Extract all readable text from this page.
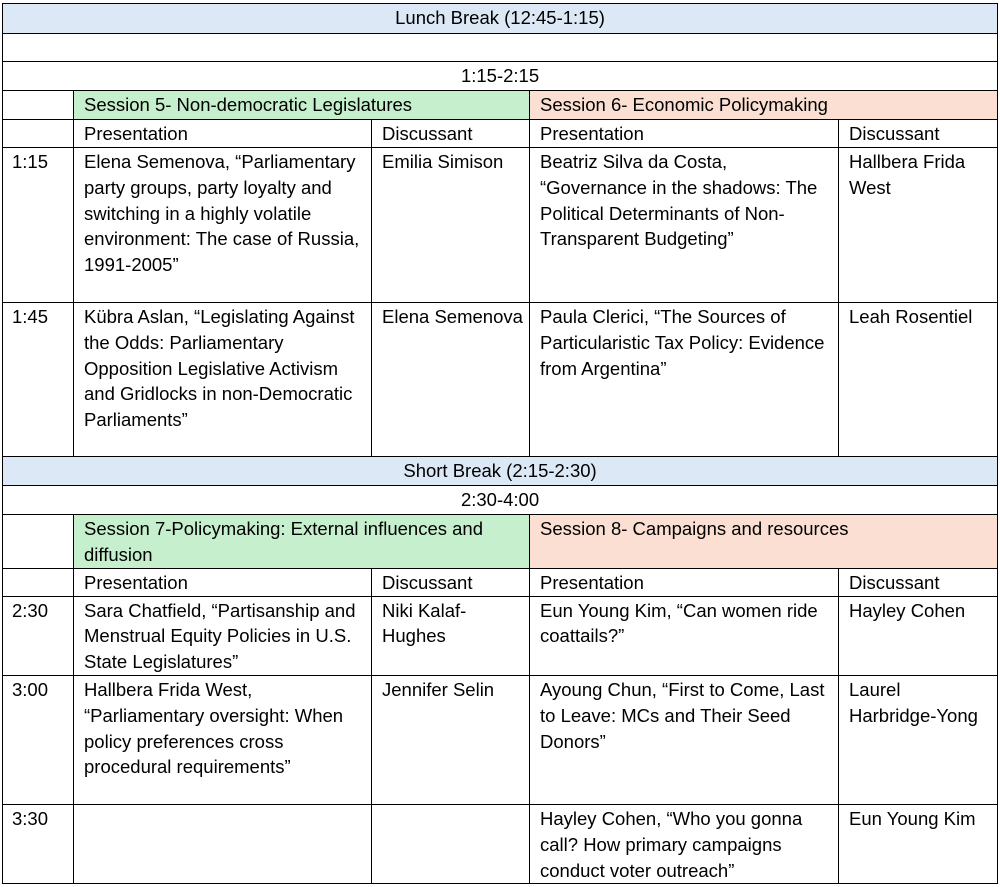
Lunch Break (12:45-1:15)				

1:15-2:15				
	Session 5- Non-democratic Legislatures		Session 6- Economic Policymaking	
	Presentation	Discussant	Presentation	Discussant
1:15	Elena Semenova, “Parliamentary party groups, party loyalty and switching in a highly volatile environment: The case of Russia, 1991-2005”	Emilia Simison	Beatriz Silva da Costa, “Governance in the shadows: The Political Determinants of Non-Transparent Budgeting”	Hallbera Frida West
1:45	Kübra Aslan, “Legislating Against the Odds: Parliamentary Opposition Legislative Activism and Gridlocks in non-Democratic Parliaments”	Elena Semenova	Paula Clerici, “The Sources of Particularistic Tax Policy: Evidence from Argentina”	Leah Rosentiel
Short Break (2:15-2:30)				
2:30-4:00				
	Session 7-Policymaking: External influences and diffusion		Session 8- Campaigns and resources	
	Presentation	Discussant	Presentation	Discussant
2:30	Sara Chatfield, “Partisanship and Menstrual Equity Policies in U.S. State Legislatures”	Niki Kalaf-Hughes	Eun Young Kim, “Can women ride coattails?”	Hayley Cohen
3:00	Hallbera Frida West, “Parliamentary oversight: When policy preferences cross procedural requirements”	Jennifer Selin	Ayoung Chun, “First to Come, Last to Leave: MCs and Their Seed Donors”	Laurel Harbridge-Yong
3:30			Hayley Cohen, “Who you gonna call? How primary campaigns conduct voter outreach”	Eun Young Kim
